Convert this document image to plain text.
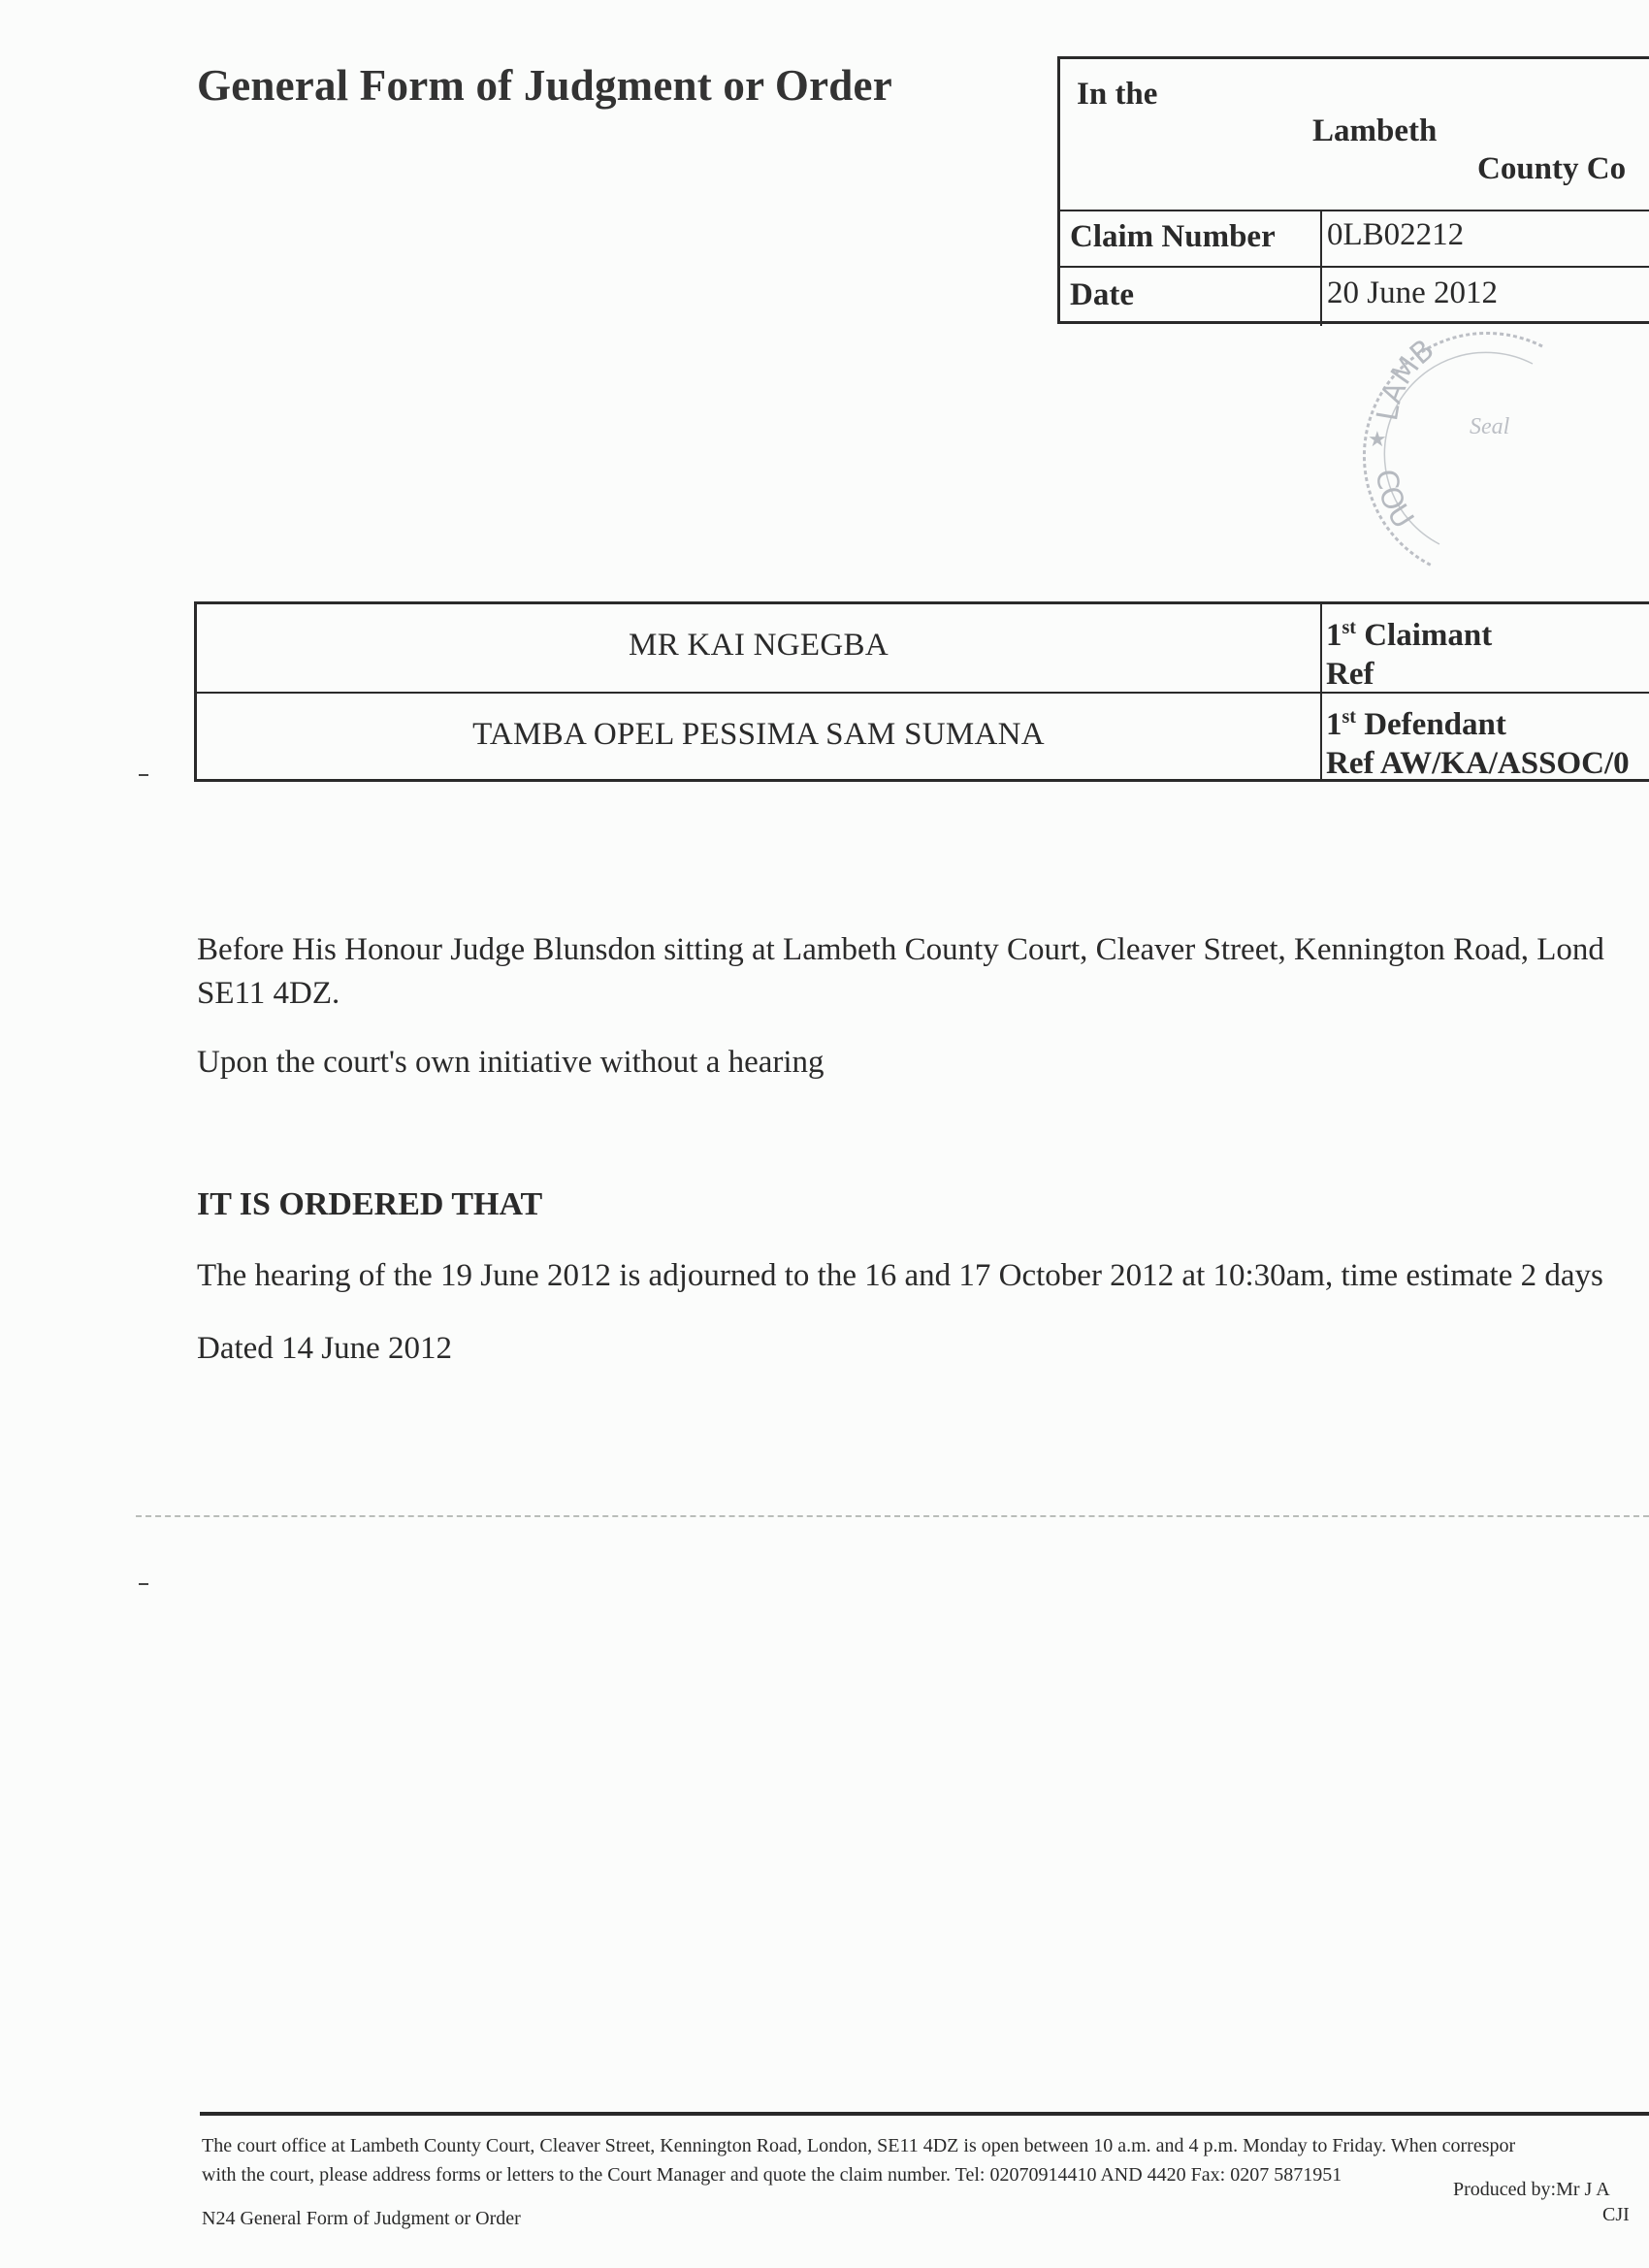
General Form of Judgment or Order	In the
Lambeth
County Co
Claim Number 0LB02212
Date	20 June 2012
LAMB
COU
★	Seal
MR KAI NGEGBA	1st Claimant
Ref
TAMBA OPEL PESSIMA SAM SUMANA	1st Defendant
Ref AW/KA/ASSOC/0
Before His Honour Judge Blunsdon sitting at Lambeth County Court, Cleaver Street, Kennington Road, Lond
SE11 4DZ.
Upon the court's own initiative without a hearing
IT IS ORDERED THAT
The hearing of the 19 June 2012 is adjourned to the 16 and 17 October 2012 at 10:30am, time estimate 2 days
Dated 14 June 2012
The court office at Lambeth County Court, Cleaver Street, Kennington Road, London, SE11 4DZ is open between 10 a.m. and 4 p.m. Monday to Friday. When correspor
with the court, please address forms or letters to the Court Manager and quote the claim number. Tel: 02070914410 AND 4420 Fax: 0207 5871951
Produced by:Mr J A
CJI
N24 General Form of Judgment or Order
